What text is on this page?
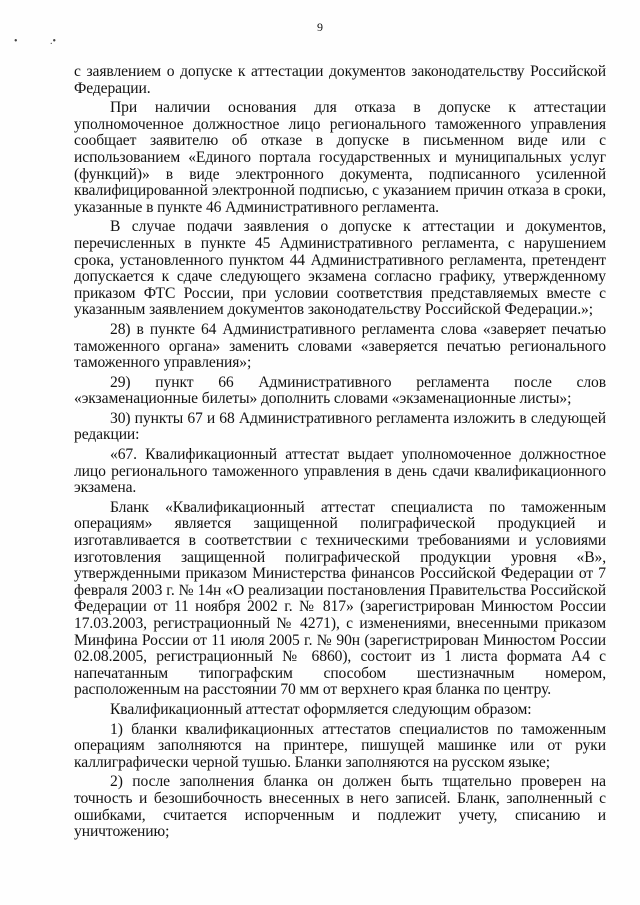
•	.•
9

с заявлением о допуске к аттестации документов законодательству Российской Федерации.

При наличии основания для отказа в допуске к аттестации уполномоченное должностное лицо регионального таможенного управления сообщает заявителю об отказе в допуске в письменном виде или с использованием «Единого портала государственных и муниципальных услуг (функций)» в виде электронного документа, подписанного усиленной квалифицированной электронной подписью, с указанием причин отказа в сроки, указанные в пункте 46 Административного регламента.

В случае подачи заявления о допуске к аттестации и документов, перечисленных в пункте 45 Административного регламента, с нарушением срока, установленного пунктом 44 Административного регламента, претендент допускается к сдаче следующего экзамена согласно графику, утвержденному приказом ФТС России, при условии соответствия представляемых вместе с указанным заявлением документов законодательству Российской Федерации.»;

28) в пункте 64 Административного регламента слова «заверяет печатью таможенного органа» заменить словами «заверяется печатью регионального таможенного управления»;

29) пункт 66 Административного регламента после слов «экзаменационные билеты» дополнить словами «экзаменационные листы»;

30) пункты 67 и 68 Административного регламента изложить в следующей редакции:

«67. Квалификационный аттестат выдает уполномоченное должностное лицо регионального таможенного управления в день сдачи квалификационного экзамена.

Бланк «Квалификационный аттестат специалиста по таможенным операциям» является защищенной полиграфической продукцией и изготавливается в соответствии с техническими требованиями и условиями изготовления защищенной полиграфической продукции уровня «В», утвержденными приказом Министерства финансов Российской Федерации от 7 февраля 2003 г. № 14н «О реализации постановления Правительства Российской Федерации от 11 ноября 2002 г. № 817» (зарегистрирован Минюстом России 17.03.2003, регистрационный № 4271), с изменениями, внесенными приказом Минфина России от 11 июля 2005 г. № 90н (зарегистрирован Минюстом России 02.08.2005, регистрационный № 6860), состоит из 1 листа формата А4 с напечатанным типографским способом шестизначным номером, расположенным на расстоянии 70 мм от верхнего края бланка по центру.

Квалификационный аттестат оформляется следующим образом:

1) бланки квалификационных аттестатов специалистов по таможенным операциям заполняются на принтере, пишущей машинке или от руки каллиграфически черной тушью. Бланки заполняются на русском языке;

2) после заполнения бланка он должен быть тщательно проверен на точность и безошибочность внесенных в него записей. Бланк, заполненный с ошибками, считается испорченным и подлежит учету, списанию и уничтожению;
